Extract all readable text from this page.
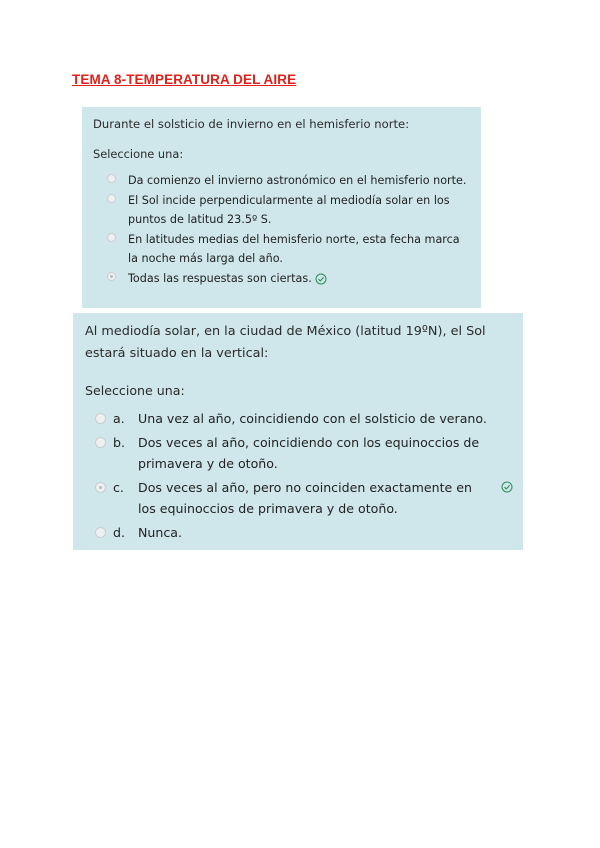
TEMA 8-TEMPERATURA DEL AIRE
Durante el solsticio de invierno en el hemisferio norte:
Seleccione una:
Da comienzo el invierno astronómico en el hemisferio norte.
El Sol incide perpendicularmente al mediodía solar en los puntos de latitud 23.5º S.
En latitudes medias del hemisferio norte, esta fecha marca la noche más larga del año.
Todas las respuestas son ciertas.
Al mediodía solar, en la ciudad de México (latitud 19ºN), el Sol estará situado en la vertical:
Seleccione una:
a. Una vez al año, coincidiendo con el solsticio de verano.
b. Dos veces al año, coincidiendo con los equinoccios de primavera y de otoño.
c. Dos veces al año, pero no coinciden exactamente en los equinoccios de primavera y de otoño.
d. Nunca.
